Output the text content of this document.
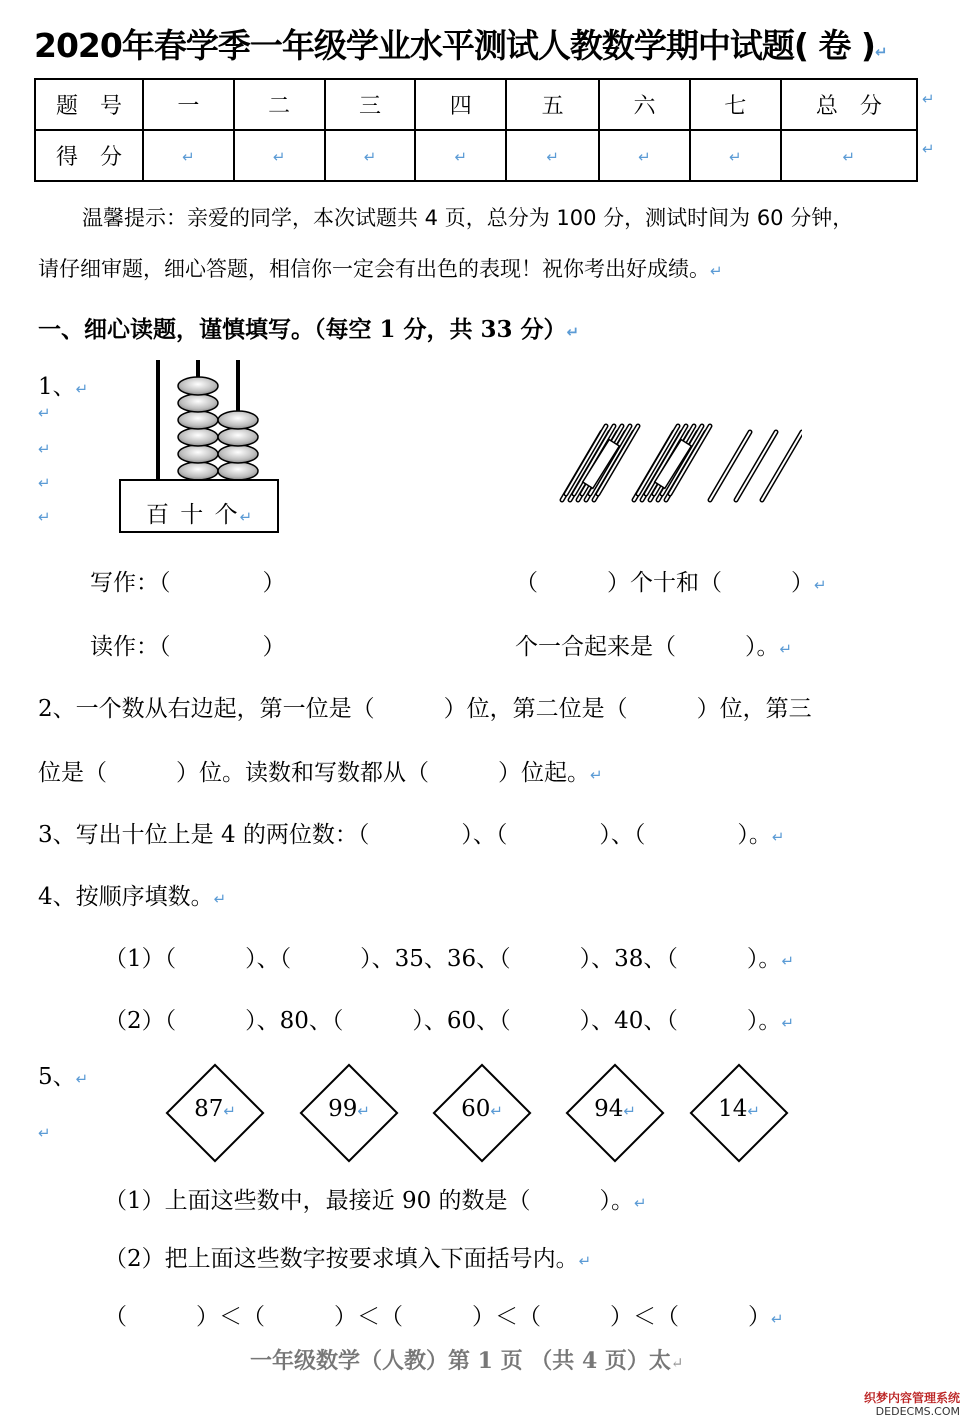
2020年春学季一年级学业水平测试人教数学期中试题( 卷 )↵
题　号	一	二	三	四	五	六	七	总　分
得　分	↵	↵	↵	↵	↵	↵	↵	↵
↵
↵
温馨提示：亲爱的同学，本次试题共 4 页，总分为 100 分，测试时间为 60 分钟，
请仔细审题，细心答题，相信你一定会有出色的表现！祝你考出好成绩。↵
一、细心读题，谨慎填写。（每空 1 分，共 33 分）↵
1、↵
↵
↵
↵
↵	百 十 个↵
写作：（　　　　）	（　　　）个十和（　　　）↵
读作：（　　　　）	个一合起来是（　　　）。↵
2、一个数从右边起，第一位是（　　　）位，第二位是（　　　）位，第三
位是（　　　）位。读数和写数都从（　　　）位起。↵
3、写出十位上是 4 的两位数：（　　　　）、（　　　　）、（　　　　）。↵
4、按顺序填数。↵
（1）（　　　）、（　　　）、35、36、（　　　）、38、（　　　）。↵
（2）（　　　）、80、（　　　）、60、（　　　）、40、（　　　）。↵
5、↵
↵
87↵	99↵	60↵	94↵	14↵
（1）上面这些数中，最接近 90 的数是（　　　）。↵
（2）把上面这些数字按要求填入下面括号内。↵
（　　　）＜（　　　）＜（　　　）＜（　　　）＜（　　　）↵
一年级数学（人教）第 1 页 （共 4 页）太↵
织梦内容管理系统
DEDECMS.COM
